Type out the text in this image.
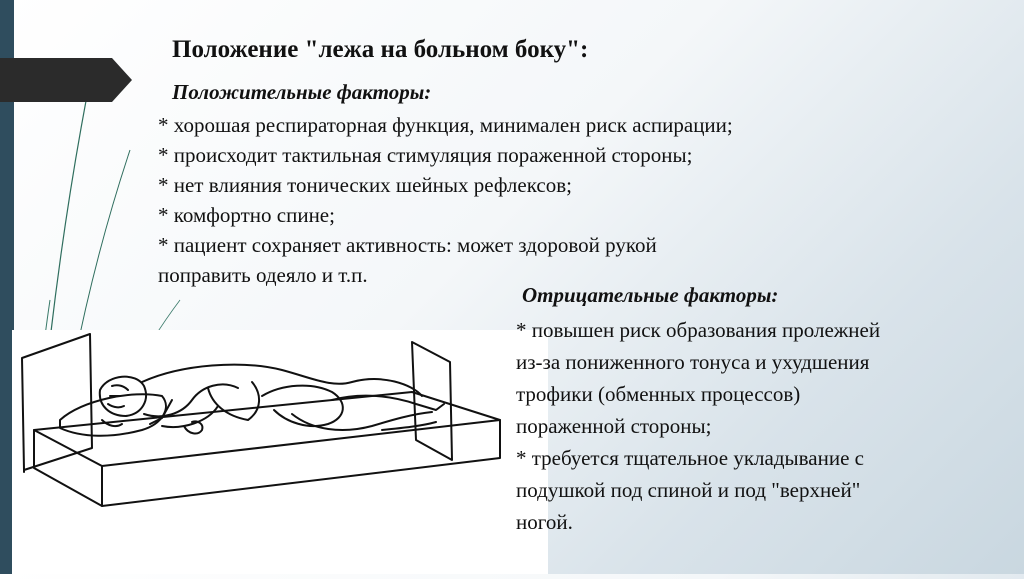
Положение "лежа на больном боку":
Положительные факторы:
* хорошая респираторная функция, минимален риск аспирации;
* происходит тактильная стимуляция пораженной стороны;
* нет влияния тонических шейных рефлексов;
* комфортно спине;
* пациент сохраняет активность: может здоровой рукой
поправить одеяло и т.п.
Отрицательные факторы:
* повышен риск образования пролежней
из-за пониженного тонуса и ухудшения
трофики (обменных процессов)
пораженной стороны;
* требуется тщательное укладывание с
подушкой под спиной и под "верхней"
ногой.
